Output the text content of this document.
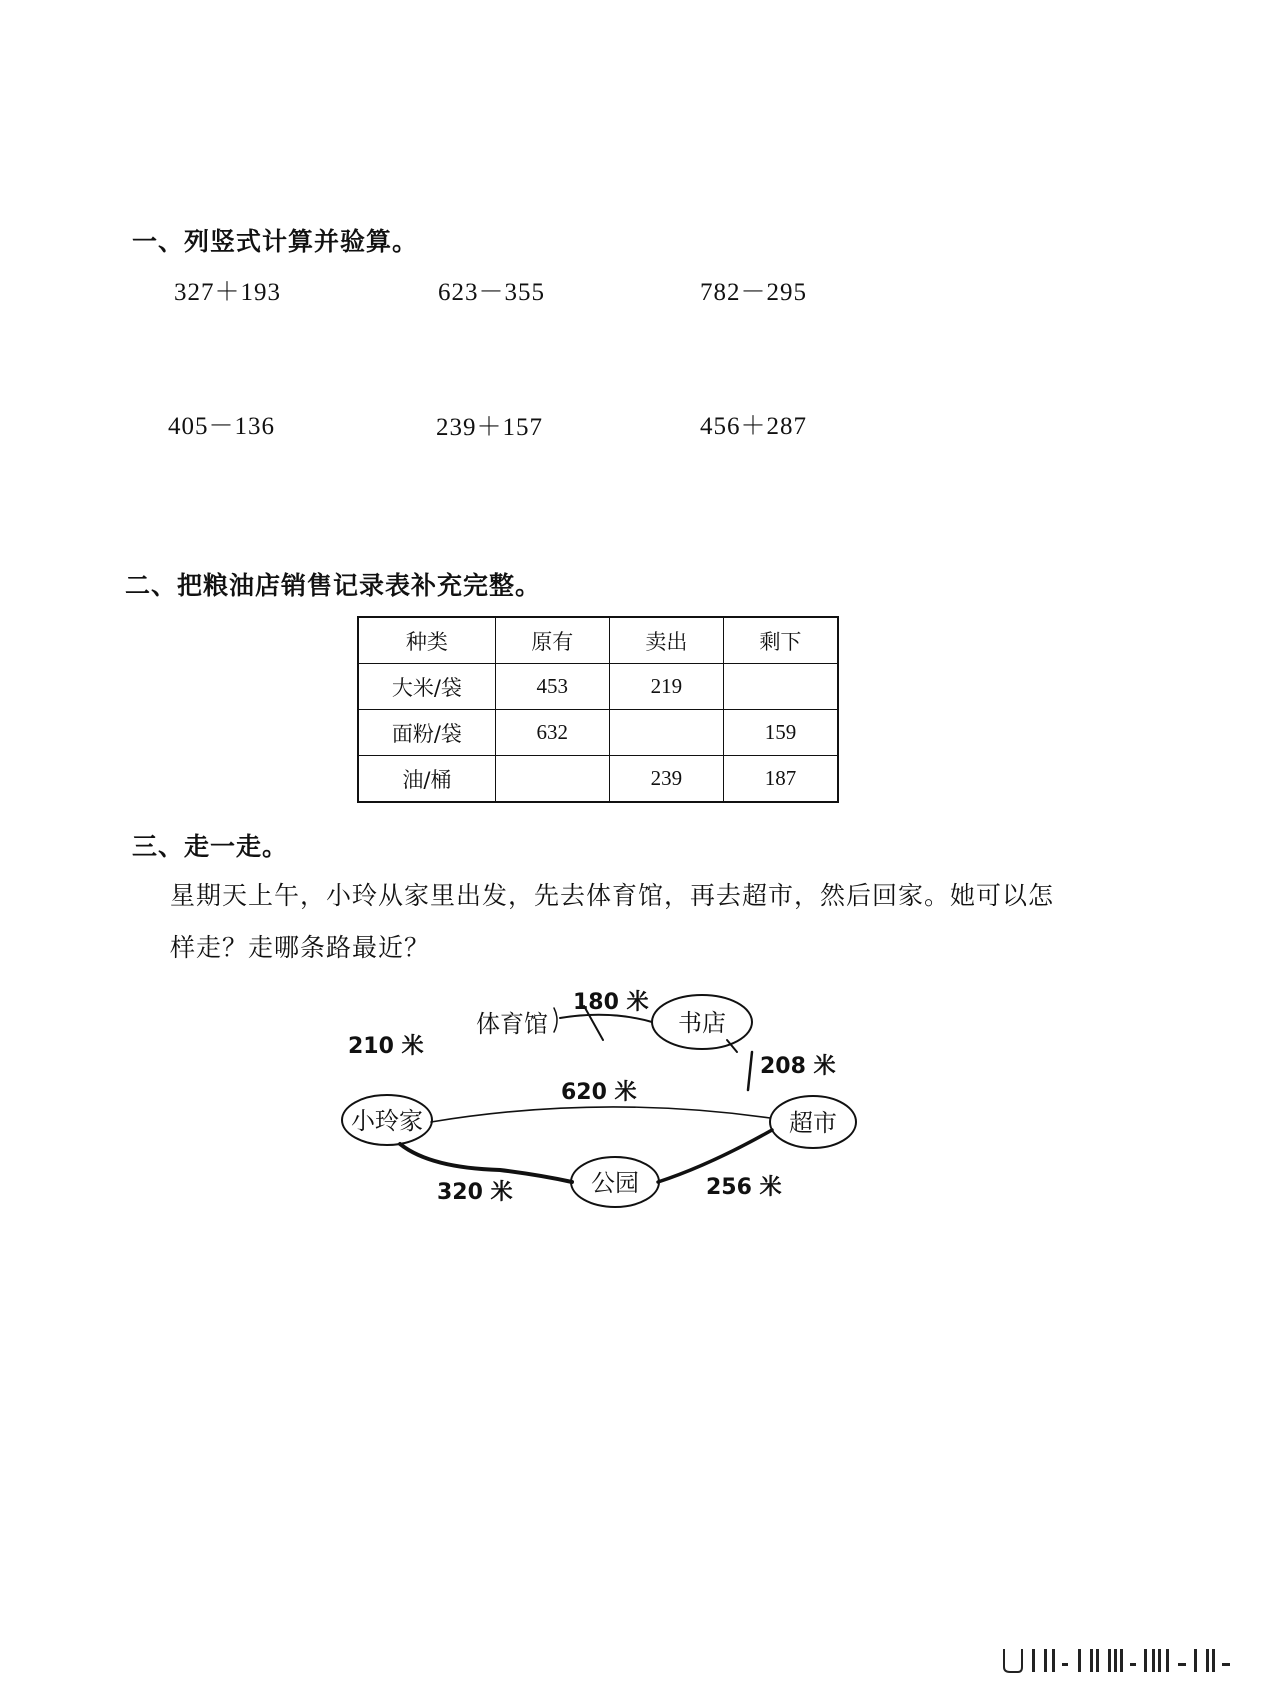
一、列竖式计算并验算。
327＋193	623－355	782－295
405－136	239＋157	456＋287
二、把粮油店销售记录表补充完整。
种类	原有	卖出	剩下
大米/袋	453	219	
面粉/袋	632		159
油/桶		239	187
三、走一走。
星期天上午，小玲从家里出发，先去体育馆，再去超市，然后回家。她可以怎
样走？走哪条路最近？
体育馆	书店
小玲家	超市
公园
180 米
210 米
208 米
620 米
320 米	256 米
